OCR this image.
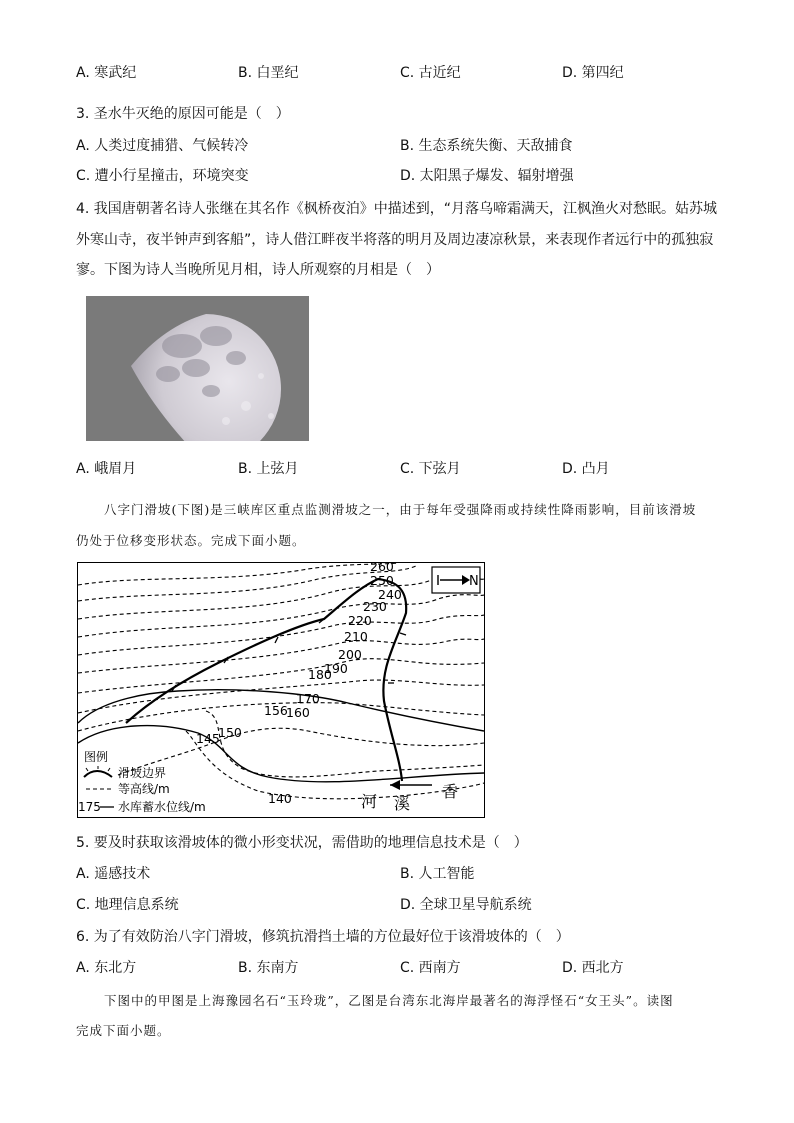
A. 寒武纪	B. 白垩纪	C. 古近纪	D. 第四纪
3. 圣水牛灭绝的原因可能是（　）
A. 人类过度捕猎、气候转冷	B. 生态系统失衡、天敌捕食
C. 遭小行星撞击，环境突变	D. 太阳黑子爆发、辐射增强
4. 我国唐朝著名诗人张继在其名作《枫桥夜泊》中描述到，“月落乌啼霜满天，江枫渔火对愁眠。姑苏城
外寒山寺，夜半钟声到客船”，诗人借江畔夜半将落的明月及周边凄凉秋景，来表现作者远行中的孤独寂
寥。下图为诗人当晚所见月相，诗人所观察的月相是（　）
A. 峨眉月	B. 上弦月	C. 下弦月	D. 凸月
八字门滑坡(下图)是三峡库区重点监测滑坡之一，由于每年受强降雨或持续性降雨影响，目前该滑坡
仍处于位移变形状态。完成下面小题。
N
260
250
240
230
220
210
200
190
180
170
160
156
150
145
140
图例
滑坡边界
等高线/m
175 水库蓄水位线/m	河 溪
香
5. 要及时获取该滑坡体的微小形变状况，需借助的地理信息技术是（　）
A. 遥感技术	B. 人工智能
C. 地理信息系统	D. 全球卫星导航系统
6. 为了有效防治八字门滑坡，修筑抗滑挡土墙的方位最好位于该滑坡体的（　）
A. 东北方	B. 东南方	C. 西南方	D. 西北方
下图中的甲图是上海豫园名石“玉玲珑”，乙图是台湾东北海岸最著名的海浮怪石“女王头”。读图
完成下面小题。
